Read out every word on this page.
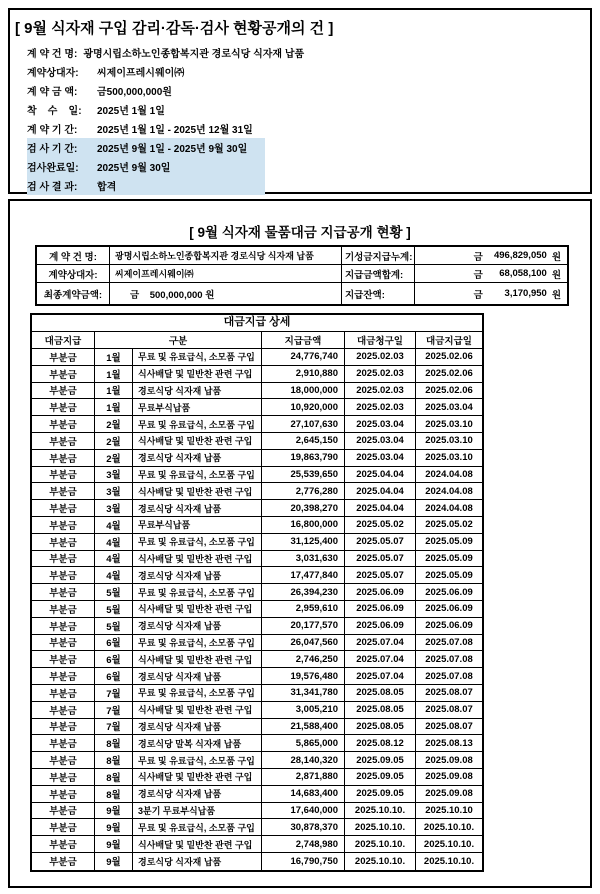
[ 9월 식자재 구입 감리·감독·검사 현황공개의 건 ]
계 약 건 명: 광명시립소하노인종합복지관 경로식당 식자재 납품
계약상대자:	씨제이프레시웨이㈜
계 약 금 액:	금500,000,000원
착    수    일:	2025년 1월 1일
계 약 기 간:	2025년 1월 1일 - 2025년 12월 31일
검 사 기 간:	2025년 9월 1일 - 2025년 9월 30일
검사완료일:	2025년 9월 30일
검 사 결 과:	합격
[ 9월 식자재 물품대금 지급공개 현황 ]
계 약 건 명:	광명시립소하노인종합복지관 경로식당 식자재 납품	기성금지급누계:	금	496,829,050 원
계약상대자:	씨제이프레시웨이㈜	지급금액합계:	금	68,058,100 원
최종계약금액:	금    500,000,000 원	지급잔액:	금	3,170,950 원
대금지급 상세
대금지급	구분	지급금액	대금청구일	대금지급일
부분금	1월	무료 및 유료급식, 소모품 구입	24,776,740	2025.02.03	2025.02.06
부분금	1월	식사배달 및 밑반찬 관련 구입	2,910,880	2025.02.03	2025.02.06
부분금	1월	경로식당 식자재 납품	18,000,000	2025.02.03	2025.02.06
부분금	1월	무료부식납품	10,920,000	2025.02.03	2025.03.04
부분금	2월	무료 및 유료급식, 소모품 구입	27,107,630	2025.03.04	2025.03.10
부분금	2월	식사배달 및 밑반찬 관련 구입	2,645,150	2025.03.04	2025.03.10
부분금	2월	경로식당 식자재 납품	19,863,790	2025.03.04	2025.03.10
부분금	3월	무료 및 유료급식, 소모품 구입	25,539,650	2025.04.04	2024.04.08
부분금	3월	식사배달 및 밑반찬 관련 구입	2,776,280	2025.04.04	2024.04.08
부분금	3월	경로식당 식자재 납품	20,398,270	2025.04.04	2024.04.08
부분금	4월	무료부식납품	16,800,000	2025.05.02	2025.05.02
부분금	4월	무료 및 유료급식, 소모품 구입	31,125,400	2025.05.07	2025.05.09
부분금	4월	식사배달 및 밑반찬 관련 구입	3,031,630	2025.05.07	2025.05.09
부분금	4월	경로식당 식자재 납품	17,477,840	2025.05.07	2025.05.09
부분금	5월	무료 및 유료급식, 소모품 구입	26,394,230	2025.06.09	2025.06.09
부분금	5월	식사배달 및 밑반찬 관련 구입	2,959,610	2025.06.09	2025.06.09
부분금	5월	경로식당 식자재 납품	20,177,570	2025.06.09	2025.06.09
부분금	6월	무료 및 유료급식, 소모품 구입	26,047,560	2025.07.04	2025.07.08
부분금	6월	식사배달 및 밑반찬 관련 구입	2,746,250	2025.07.04	2025.07.08
부분금	6월	경로식당 식자재 납품	19,576,480	2025.07.04	2025.07.08
부분금	7월	무료 및 유료급식, 소모품 구입	31,341,780	2025.08.05	2025.08.07
부분금	7월	식사배달 및 밑반찬 관련 구입	3,005,210	2025.08.05	2025.08.07
부분금	7월	경로식당 식자재 납품	21,588,400	2025.08.05	2025.08.07
부분금	8월	경로식당 말복 식자재 납품	5,865,000	2025.08.12	2025.08.13
부분금	8월	무료 및 유료급식, 소모품 구입	28,140,320	2025.09.05	2025.09.08
부분금	8월	식사배달 및 밑반찬 관련 구입	2,871,880	2025.09.05	2025.09.08
부분금	8월	경로식당 식자재 납품	14,683,400	2025.09.05	2025.09.08
부분금	9월	3분기 무료부식납품	17,640,000	2025.10.10.	2025.10.10
부분금	9월	무료 및 유료급식, 소모품 구입	30,878,370	2025.10.10.	2025.10.10.
부분금	9월	식사배달 및 밑반찬 관련 구입	2,748,980	2025.10.10.	2025.10.10.
부분금	9월	경로식당 식자재 납품	16,790,750	2025.10.10.	2025.10.10.
